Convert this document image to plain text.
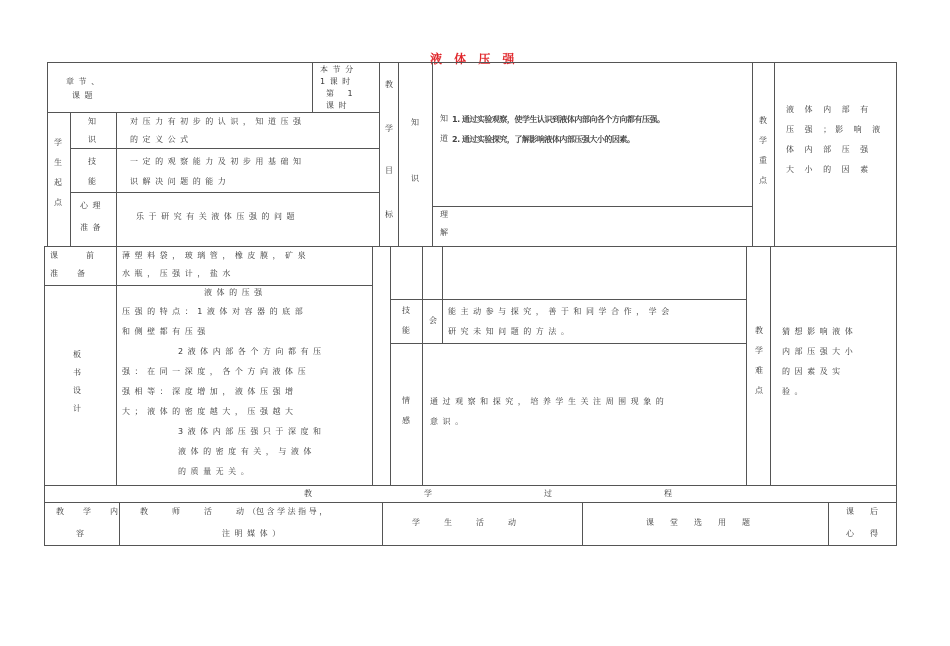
液 体 压 强
章 节 、
课 题
本 节 分
1 课 时
第 　1
课 时
教
学
目
标
知
识
知
道
1. 通过实验观察，使学生认识到液体内部向各个方向都有压强。
2. 通过实验探究，了解影响液体内部压强大小的因素。
理
解
教
学
重
点
液 体 内 部 有 压 强 ；影 响 液 体 内 部 压 强 大 小 的 因 素
学
生
起
点
知
识
对 压 力 有 初 步 的 认 识 ， 知 道 压 强
的 定 义 公 式
技
能
一 定 的 观 察 能 力 及 初 步 用 基 础 知
识 解 决 问 题 的 能 力
心 理
准 备
乐 于 研 究 有 关 液 体 压 强 的 问 题
课　　　前
准　　备
薄 塑 料 袋 ， 玻 璃 管 ， 橡 皮 膜 ， 矿 泉
水 瓶 ， 压 强 计 ， 盐 水
板
书
设
计
液 体 的 压 强
压 强 的 特 点 ： 1 液 体 对 容 器 的 底 部
和 侧 壁 都 有 压 强
　　2 液 体 内 部 各 个 方 向 都 有 压
强 ： 在 同 一 深 度 ， 各 个 方 向 液 体 压
强 相 等 ： 深 度 增 加 ， 液 体 压 强 增
大 ； 液 体 的 密 度 越 大 ， 压 强 越 大
　　3 液 体 内 部 压 强 只 于 深 度 和
　　液 体 的 密 度 有 关 ， 与 液 体
　　的 质 量 无 关 。
技
能
会
能 主 动 参 与 探 究 ， 善 于 和 同 学 合 作 ， 学 会
研 究 未 知 问 题 的 方 法 。
情
感
通 过 观 察 和 探 究 ， 培 养 学 生 关 注 周 围 现 象 的
意 识 。
教
学
难
点
猜 想 影 响 液 体
内 部 压 强 大 小
的 因 素 及 实
验 。
教　　　　　　　　　　　　　　学　　　　　　　　　　　　　　过　　　　　　　　　　　　　　程
教　　学　　内
容
教　　　师　　　活　　　动　（包 含 学 法 指 导 ，
注 明 媒 体 ）
学　　　生　　　活　　　动	课　　堂　　选　　用　　题
课　　后
心　　得
